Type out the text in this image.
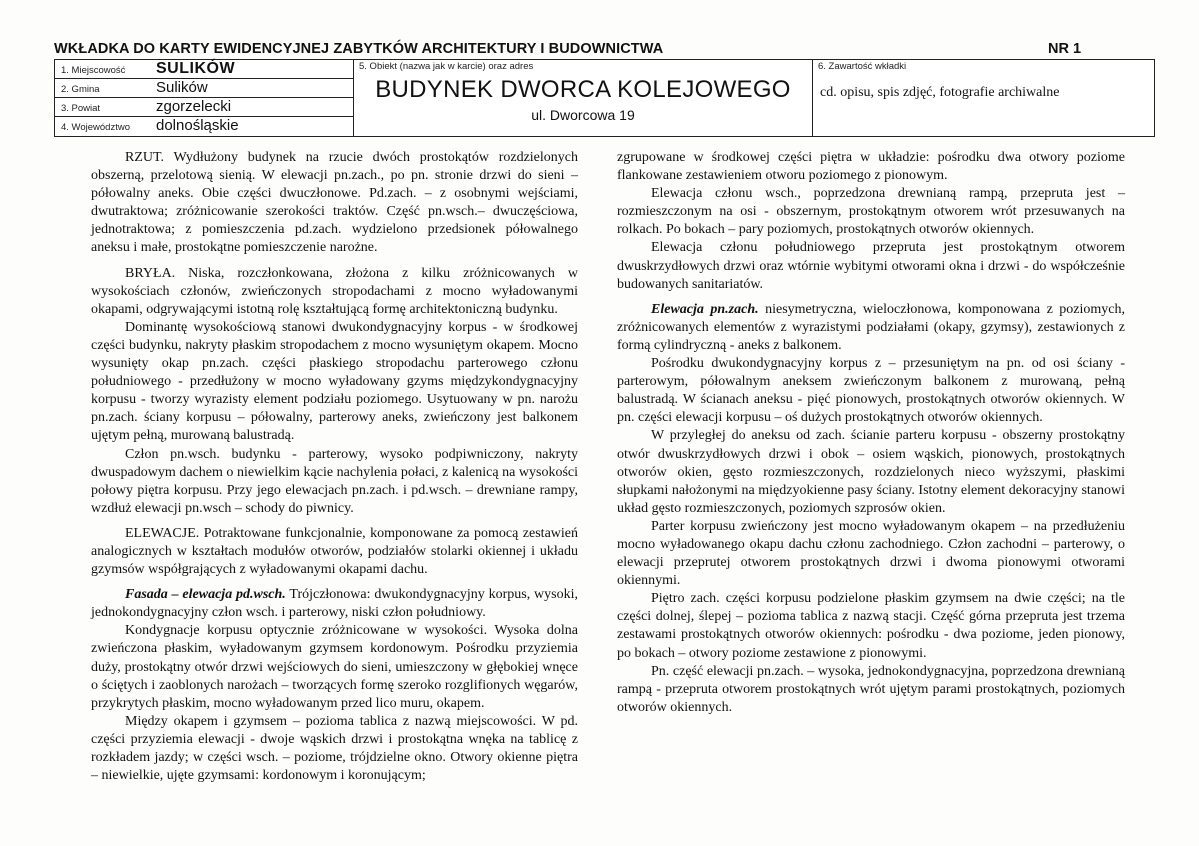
WKŁADKA DO KARTY EWIDENCYJNEJ ZABYTKÓW ARCHITEKTURY I BUDOWNICTWA	NR 1
1. Miejscowość SULIKÓW
2. Gmina	Sulików
3. Powiat	zgorzelecki
4. Województwo dolnośląskie
5. Obiekt (nazwa jak w karcie) oraz adres
BUDYNEK DWORCA KOLEJOWEGO
ul. Dworcowa 19
6. Zawartość wkładki
cd. opisu, spis zdjęć, fotografie archiwalne

RZUT. Wydłużony budynek na rzucie dwóch prostokątów rozdzielonych obszerną, przelotową sienią. W elewacji pn.zach., po pn. stronie drzwi do sieni – półowalny aneks. Obie części dwuczłonowe. Pd.zach. – z osobnymi wejściami, dwutraktowa; zróżnicowanie szerokości traktów. Część pn.wsch.– dwuczęściowa, jednotraktowa; z pomieszczenia pd.zach. wydzielono przedsionek półowalnego aneksu i małe, prostokątne pomieszczenie narożne.

BRYŁA. Niska, rozczłonkowana, złożona z kilku zróżnicowanych w wysokościach członów, zwieńczonych stropodachami z mocno wyładowanymi okapami, odgrywającymi istotną rolę kształtującą formę architektoniczną budynku.

Dominantę wysokościową stanowi dwukondygnacyjny korpus - w środkowej części budynku, nakryty płaskim stropodachem z mocno wysuniętym okapem. Mocno wysunięty okap pn.zach. części płaskiego stropodachu parterowego członu południowego - przedłużony w mocno wyładowany gzyms międzykondygnacyjny korpusu - tworzy wyrazisty element podziału poziomego. Usytuowany w pn. narożu pn.zach. ściany korpusu – półowalny, parterowy aneks, zwieńczony jest balkonem ujętym pełną, murowaną balustradą.

Człon pn.wsch. budynku - parterowy, wysoko podpiwniczony, nakryty dwuspadowym dachem o niewielkim kącie nachylenia połaci, z kalenicą na wysokości połowy piętra korpusu. Przy jego elewacjach pn.zach. i pd.wsch. – drewniane rampy, wzdłuż elewacji pn.wsch – schody do piwnicy.

ELEWACJE. Potraktowane funkcjonalnie, komponowane za pomocą zestawień analogicznych w kształtach modułów otworów, podziałów stolarki okiennej i układu gzymsów współgrających z wyładowanymi okapami dachu.

Fasada – elewacja pd.wsch. Trójczłonowa: dwukondygnacyjny korpus, wysoki, jednokondygnacyjny człon wsch. i parterowy, niski człon południowy.

Kondygnacje korpusu optycznie zróżnicowane w wysokości. Wysoka dolna zwieńczona płaskim, wyładowanym gzymsem kordonowym. Pośrodku przyziemia duży, prostokątny otwór drzwi wejściowych do sieni, umieszczony w głębokiej wnęce o ściętych i zaoblonych narożach – tworzących formę szeroko rozglifionych węgarów, przykrytych płaskim, mocno wyładowanym przed lico muru, okapem.

Między okapem i gzymsem – pozioma tablica z nazwą miejscowości. W pd. części przyziemia elewacji - dwoje wąskich drzwi i prostokątna wnęka na tablicę z rozkładem jazdy; w części wsch. – poziome, trójdzielne okno. Otwory okienne piętra – niewielkie, ujęte gzymsami: kordonowym i koronującym;

zgrupowane w środkowej części piętra w układzie: pośrodku dwa otwory poziome flankowane zestawieniem otworu poziomego z pionowym.

Elewacja członu wsch., poprzedzona drewnianą rampą, przepruta jest – rozmieszczonym na osi - obszernym, prostokątnym otworem wrót przesuwanych na rolkach. Po bokach – pary poziomych, prostokątnych otworów okiennych.

Elewacja członu południowego przepruta jest prostokątnym otworem dwuskrzydłowych drzwi oraz wtórnie wybitymi otworami okna i drzwi - do współcześnie budowanych sanitariatów.

Elewacja pn.zach. niesymetryczna, wieloczłonowa, komponowana z poziomych, zróżnicowanych elementów z wyrazistymi podziałami (okapy, gzymsy), zestawionych z formą cylindryczną - aneks z balkonem.

Pośrodku dwukondygnacyjny korpus z – przesuniętym na pn. od osi ściany - parterowym, półowalnym aneksem zwieńczonym balkonem z murowaną, pełną balustradą. W ścianach aneksu - pięć pionowych, prostokątnych otworów okiennych. W pn. części elewacji korpusu – oś dużych prostokątnych otworów okiennych.

W przyległej do aneksu od zach. ścianie parteru korpusu - obszerny prostokątny otwór dwuskrzydłowych drzwi i obok – osiem wąskich, pionowych, prostokątnych otworów okien, gęsto rozmieszczonych, rozdzielonych nieco wyższymi, płaskimi słupkami nałożonymi na międzyokienne pasy ściany. Istotny element dekoracyjny stanowi układ gęsto rozmieszczonych, poziomych szprosów okien.

Parter korpusu zwieńczony jest mocno wyładowanym okapem – na przedłużeniu mocno wyładowanego okapu dachu członu zachodniego. Człon zachodni – parterowy, o elewacji przeprutej otworem prostokątnych drzwi i dwoma pionowymi otworami okiennymi.

Piętro zach. części korpusu podzielone płaskim gzymsem na dwie części; na tle części dolnej, ślepej – pozioma tablica z nazwą stacji. Część górna przepruta jest trzema zestawami prostokątnych otworów okiennych: pośrodku - dwa poziome, jeden pionowy, po bokach – otwory poziome zestawione z pionowymi.

Pn. część elewacji pn.zach. – wysoka, jednokondygnacyjna, poprzedzona drewnianą rampą - przepruta otworem prostokątnych wrót ujętym parami prostokątnych, poziomych otworów okiennych.
